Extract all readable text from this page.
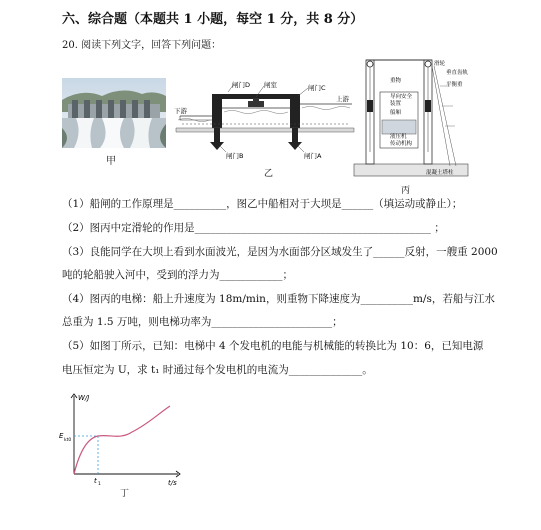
六、综合题（本题共 1 小题，每空 1 分，共 8 分）
20. 阅读下列文字，回答下列问题：
甲
闸门D 闸室	闸门C
上游
下游
闸门B	闸门A
乙
滑轮
垂直齿轨
平衡重
重物
导向安全
装置
船厢
液压机
传动机构
混凝土塔柱
丙
（1）船闸的工作原理是__________，图乙中船相对于大坝是______（填运动或静止）；
（2）图丙中定滑轮的作用是_____________________________________________ ；
（3）良能同学在大坝上看到水面波光，是因为水面部分区域发生了______反射，一艘重 2000
吨的轮船驶入河中，受到的浮力为____________；
（4）图丙的电梯：船上升速度为 18m/min，则重物下降速度为__________m/s，若船与江水
总重为 1.5 万吨，则电梯功率为_______________________；
（5）如图丁所示，已知：电梯中 4 个发电机的电能与机械能的转换比为 10：6，已知电源
电压恒定为 U，求 t₁ 时通过每个发电机的电流为______________。
W/J
t/s
E
kt0
t 1
丁
